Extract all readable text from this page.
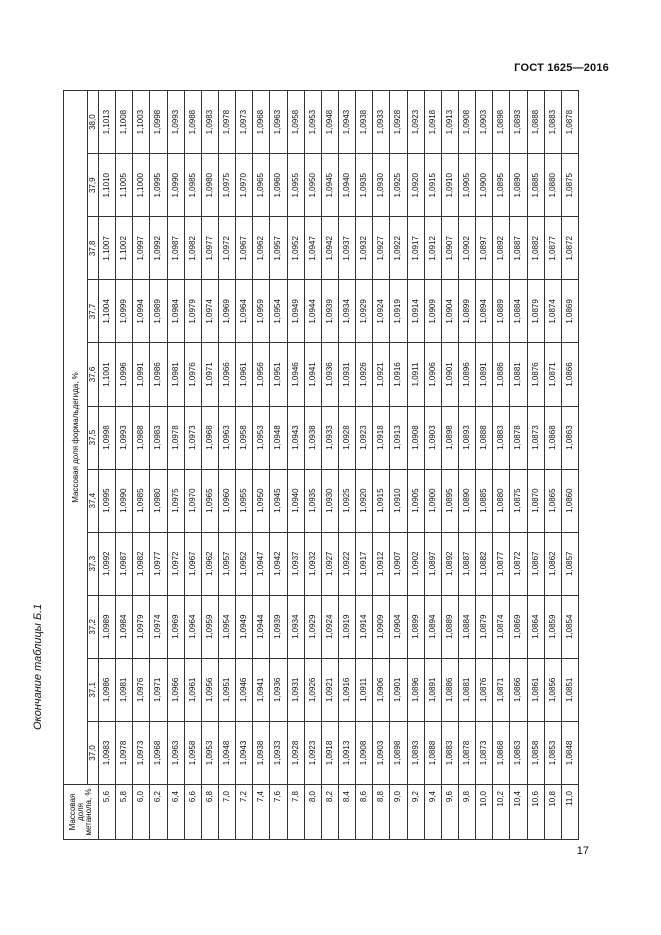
ГОСТ 1625—2016
Окончание таблицы Б.1
Массовая доля метанола, %	Массовая доля формальдегида, %										
	37,0	37,1	37,2	37,3	37,4	37,5	37,6	37,7	37,8	37,9	38,0
5,6	1,0983	1,0986	1,0989	1,0992	1,0995	1,0998	1,1001	1,1004	1,1007	1,1010	1,1013
5,8	1,0978	1,0981	1,0984	1,0987	1,0990	1,0993	1,0996	1,0999	1,1002	1,1005	1,1008
6,0	1,0973	1,0976	1,0979	1,0982	1,0985	1,0988	1,0991	1,0994	1,0997	1,1000	1,1003
6,2	1,0968	1,0971	1,0974	1,0977	1,0980	1,0983	1,0986	1,0989	1,0992	1,0995	1,0998
6,4	1,0963	1,0966	1,0969	1,0972	1,0975	1,0978	1,0981	1,0984	1,0987	1,0990	1,0993
6,6	1,0958	1,0961	1,0964	1,0967	1,0970	1,0973	1,0976	1,0979	1,0982	1,0985	1,0988
6,8	1,0953	1,0956	1,0959	1,0962	1,0965	1,0968	1,0971	1,0974	1,0977	1,0980	1,0983
7,0	1,0948	1,0951	1,0954	1,0957	1,0960	1,0963	1,0966	1,0969	1,0972	1,0975	1,0978
7,2	1,0943	1,0946	1,0949	1,0952	1,0955	1,0958	1,0961	1,0964	1,0967	1,0970	1,0973
7,4	1,0938	1,0941	1,0944	1,0947	1,0950	1,0953	1,0956	1,0959	1,0962	1,0965	1,0968
7,6	1,0933	1,0936	1,0939	1,0942	1,0945	1,0948	1,0951	1,0954	1,0957	1,0960	1,0963
7,8	1,0928	1,0931	1,0934	1,0937	1,0940	1,0943	1,0946	1,0949	1,0952	1,0955	1,0958
8,0	1,0923	1,0926	1,0929	1,0932	1,0935	1,0938	1,0941	1,0944	1,0947	1,0950	1,0953
8,2	1,0918	1,0921	1,0924	1,0927	1,0930	1,0933	1,0936	1,0939	1,0942	1,0945	1,0948
8,4	1,0913	1,0916	1,0919	1,0922	1,0925	1,0928	1,0931	1,0934	1,0937	1,0940	1,0943
8,6	1,0908	1,0911	1,0914	1,0917	1,0920	1,0923	1,0926	1,0929	1,0932	1,0935	1,0938
8,8	1,0903	1,0906	1,0909	1,0912	1,0915	1,0918	1,0921	1,0924	1,0927	1,0930	1,0933
9,0	1,0898	1,0901	1,0904	1,0907	1,0910	1,0913	1,0916	1,0919	1,0922	1,0925	1,0928
9,2	1,0893	1,0896	1,0899	1,0902	1,0905	1,0908	1,0911	1,0914	1,0917	1,0920	1,0923
9,4	1,0888	1,0891	1,0894	1,0897	1,0900	1,0903	1,0906	1,0909	1,0912	1,0915	1,0918
9,6	1,0883	1,0886	1,0889	1,0892	1,0895	1,0898	1,0901	1,0904	1,0907	1,0910	1,0913
9,8	1,0878	1,0881	1,0884	1,0887	1,0890	1,0893	1,0896	1,0899	1,0902	1,0905	1,0908
10,0	1,0873	1,0876	1,0879	1,0882	1,0885	1,0888	1,0891	1,0894	1,0897	1,0900	1,0903
10,2	1,0868	1,0871	1,0874	1,0877	1,0880	1,0883	1,0886	1,0889	1,0892	1,0895	1,0898
10,4	1,0863	1,0866	1,0869	1,0872	1,0875	1,0878	1,0881	1,0884	1,0887	1,0890	1,0893
10,6	1,0858	1,0861	1,0864	1,0867	1,0870	1,0873	1,0876	1,0879	1,0882	1,0885	1,0888
10,8	1,0853	1,0856	1,0859	1,0862	1,0865	1,0868	1,0871	1,0874	1,0877	1,0880	1,0883
11,0	1,0848	1,0851	1,0854	1,0857	1,0860	1,0863	1,0866	1,0869	1,0872	1,0875	1,0878
17
